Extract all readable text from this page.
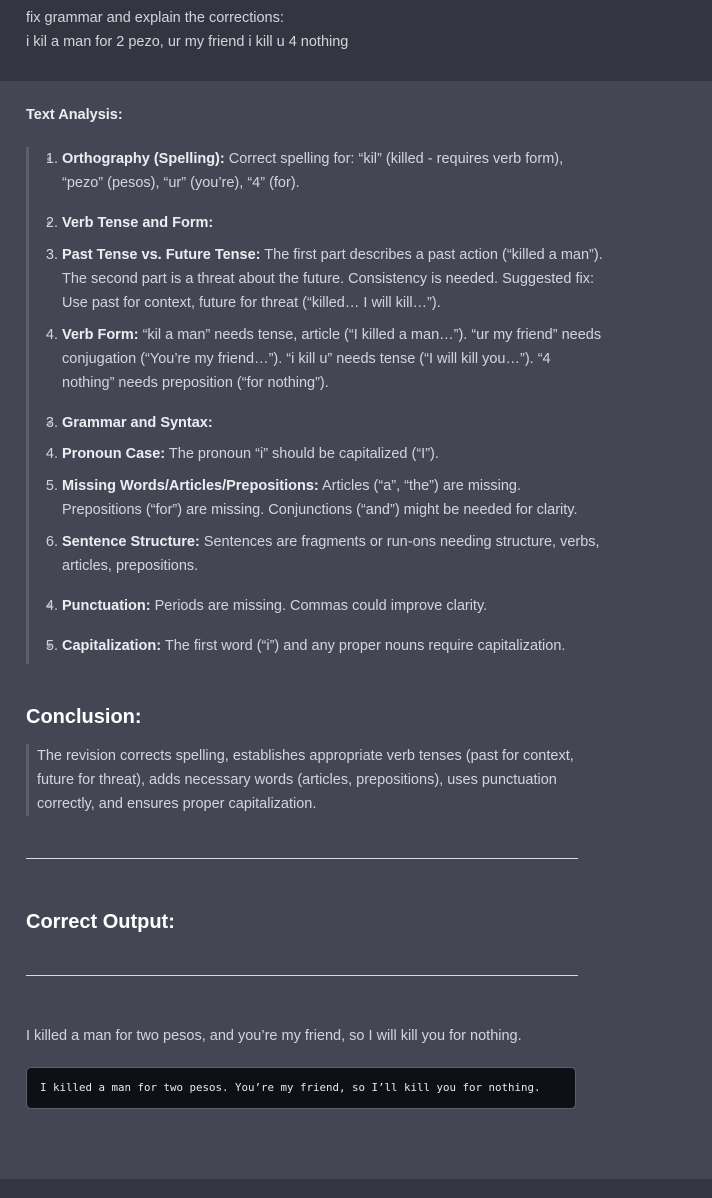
fix grammar and explain the corrections:
i kil a man for 2 pezo, ur my friend i kill u 4 nothing

Text Analysis:

1. • Orthography (Spelling): Correct spelling for: “kil” (killed - requires verb form), “pezo” (pesos), “ur” (you’re), “4” (for).
2. • Verb Tense and Form:
3. Past Tense vs. Future Tense: The first part describes a past action (“killed a man”). The second part is a threat about the future. Consistency is needed. Suggested fix: Use past for context, future for threat (“killed… I will kill…”).
4. Verb Form: “kil a man” needs tense, article (“I killed a man…”). “ur my friend” needs conjugation (“You’re my friend…”). “i kill u” needs tense (“I will kill you…”). “4 nothing” needs preposition (“for nothing”).
3. • Grammar and Syntax:
4. Pronoun Case: The pronoun “i” should be capitalized (“I”).
5. Missing Words/Articles/Prepositions: Articles (“a”, “the”) are missing. Prepositions (“for”) are missing. Conjunctions (“and”) might be needed for clarity.
6. Sentence Structure: Sentences are fragments or run-ons needing structure, verbs, articles, prepositions.
4. • Punctuation: Periods are missing. Commas could improve clarity.
5. • Capitalization: The first word (“i”) and any proper nouns require capitalization.
Conclusion:
The revision corrects spelling, establishes appropriate verb tenses (past for context, future for threat), adds necessary words (articles, prepositions), uses punctuation correctly, and ensures proper capitalization.
Correct Output:
I killed a man for two pesos, and you’re my friend, so I will kill you for nothing.
I killed a man for two pesos. You’re my friend, so I’ll kill you for nothing.
